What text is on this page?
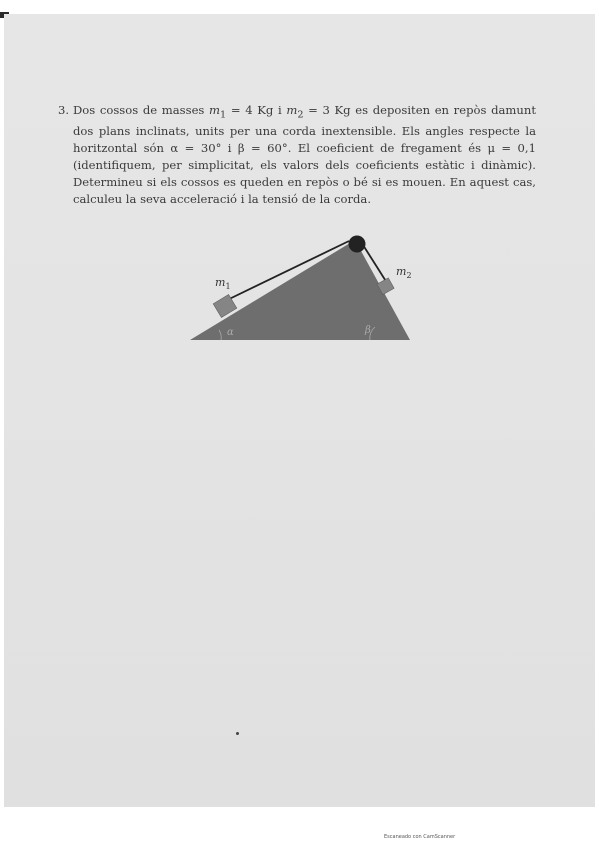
3. Dos cossos de masses $m_1 = 4$ Kg i $m_2 = 3$ Kg es depositen en repòs damunt dos plans inclinats, units per una corda inextensible. Els angles respecte la horitzontal són α = 30° i β = 60°. El coeficient de fregament és μ = 0,1 (identifiquem, per simplicitat, els valors dels coeficients estàtic i dinàmic). Determineu si els cossos es queden en repòs o bé si es mouen. En aquest cas, calculeu la seva acceleració i la tensió de la corda.
$m_1$
$m_2$
α	β
Escaneado con CamScanner
